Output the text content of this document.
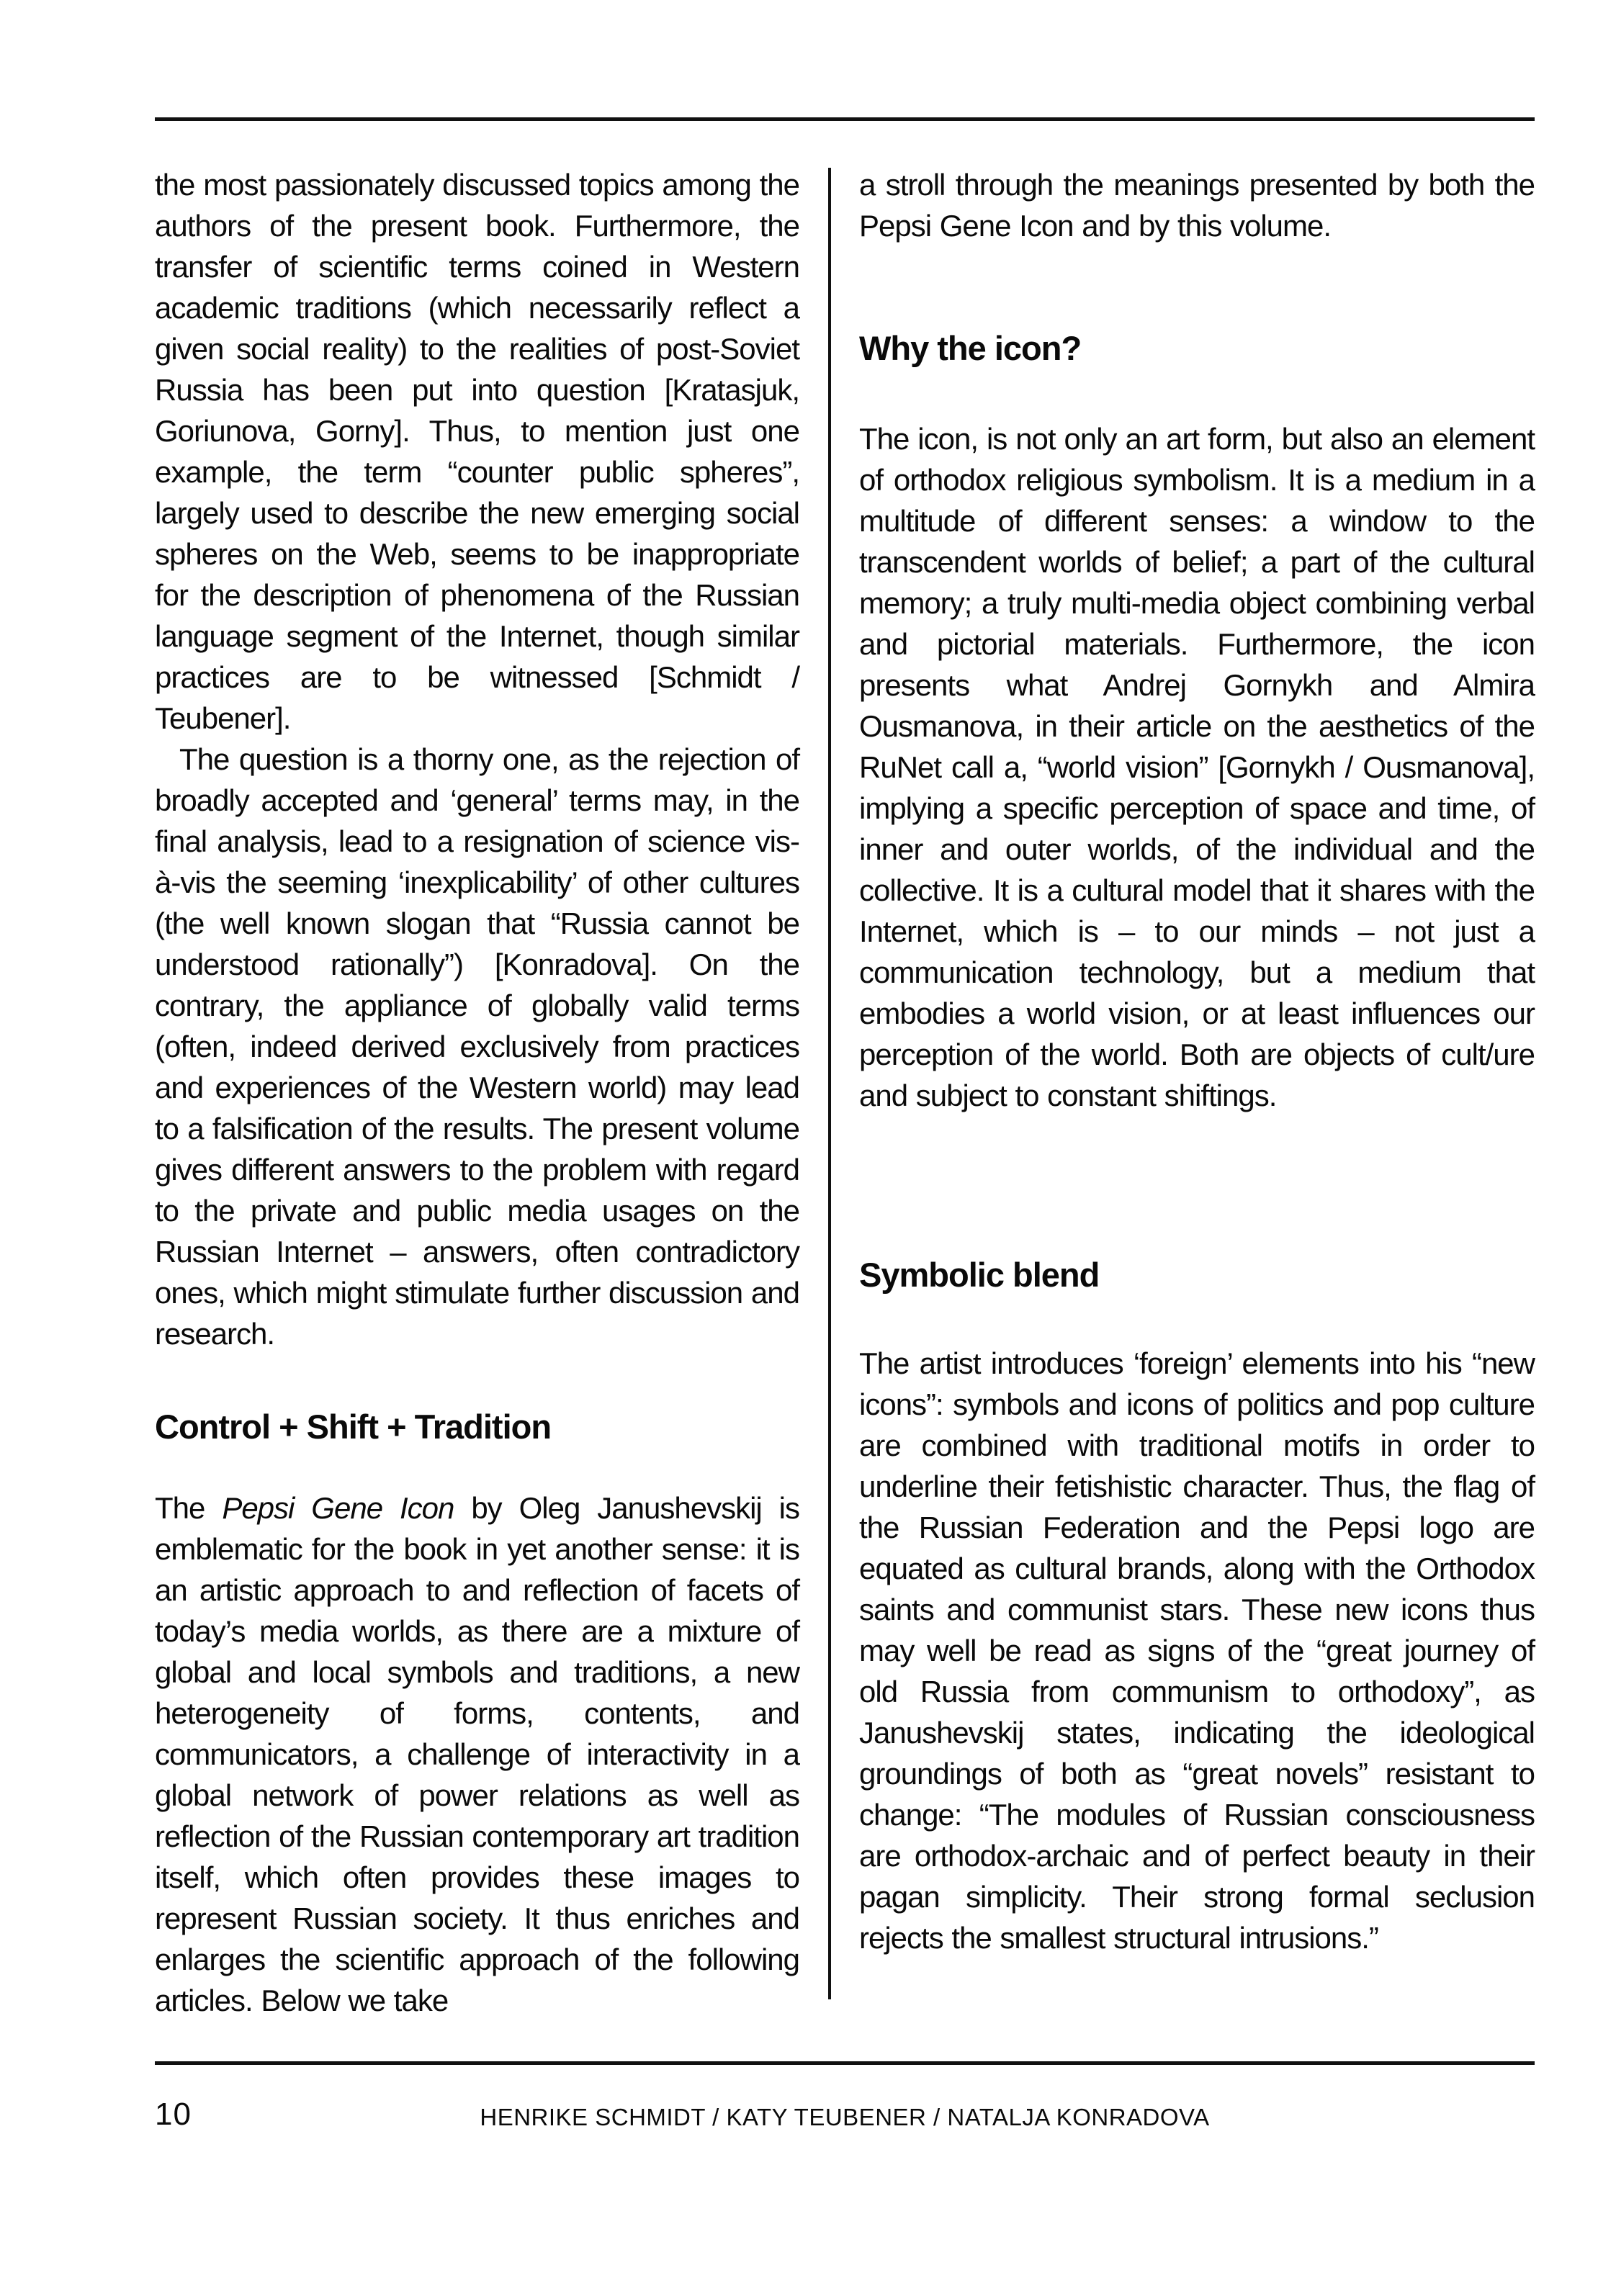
the most passionately discussed topics among the authors of the present book. Furthermore, the transfer of scientific terms coined in Western academic traditions (which necessarily reflect a given social reality) to the realities of post-Soviet Russia has been put into question [Kratasjuk, Goriunova, Gorny]. Thus, to mention just one example, the term “counter public spheres”, largely used to describe the new emerging social spheres on the Web, seems to be inappropriate for the description of phenomena of the Russian language segment of the Internet, though similar practices are to be witnessed [Schmidt / Teubener].

The question is a thorny one, as the rejection of broadly accepted and ‘general’ terms may, in the final analysis, lead to a resignation of science vis-à-vis the seeming ‘inexplicability’ of other cultures (the well known slogan that “Russia cannot be understood rationally”) [Konradova]. On the contrary, the appliance of globally valid terms (often, indeed derived exclusively from practices and experiences of the Western world) may lead to a falsification of the results. The present volume gives different answers to the problem with regard to the private and public media usages on the Russian Internet – answers, often contradictory ones, which might stimulate further discussion and research.

Control + Shift + Tradition

The Pepsi Gene Icon by Oleg Janushevskij is emblematic for the book in yet another sense: it is an artistic approach to and reflection of facets of today’s media worlds, as there are a mixture of global and local symbols and traditions, a new heterogeneity of forms, contents, and communicators, a challenge of interactivity in a global network of power relations as well as reflection of the Russian contemporary art tradition itself, which often provides these images to represent Russian society. It thus enriches and enlarges the scientific approach of the following articles. Below we take

a stroll through the meanings presented by both the Pepsi Gene Icon and by this volume.

Why the icon?

The icon, is not only an art form, but also an element of orthodox religious symbolism. It is a medium in a multitude of different senses: a window to the transcendent worlds of belief; a part of the cultural memory; a truly multi-media object combining verbal and pictorial materials. Furthermore, the icon presents what Andrej Gornykh and Almira Ousmanova, in their article on the aesthetics of the RuNet call a, “world vision” [Gornykh / Ousmanova], implying a specific perception of space and time, of inner and outer worlds, of the individual and the collective. It is a cultural model that it shares with the Internet, which is – to our minds – not just a communication technology, but a medium that embodies a world vision, or at least influences our perception of the world. Both are objects of cult/ure and subject to constant shiftings.

Symbolic blend

The artist introduces ‘foreign’ elements into his “new icons”: symbols and icons of politics and pop culture are combined with traditional motifs in order to underline their fetishistic character. Thus, the flag of the Russian Federation and the Pepsi logo are equated as cultural brands, along with the Orthodox saints and communist stars. These new icons thus may well be read as signs of the “great journey of old Russia from communism to orthodoxy”, as Janushevskij states, indicating the ideological groundings of both as “great novels” resistant to change: “The modules of Russian consciousness are orthodox-archaic and of perfect beauty in their pagan simplicity. Their strong formal seclusion rejects the smallest structural intrusions.”

10	HENRIKE SCHMIDT / KATY TEUBENER / NATALJA KONRADOVA
